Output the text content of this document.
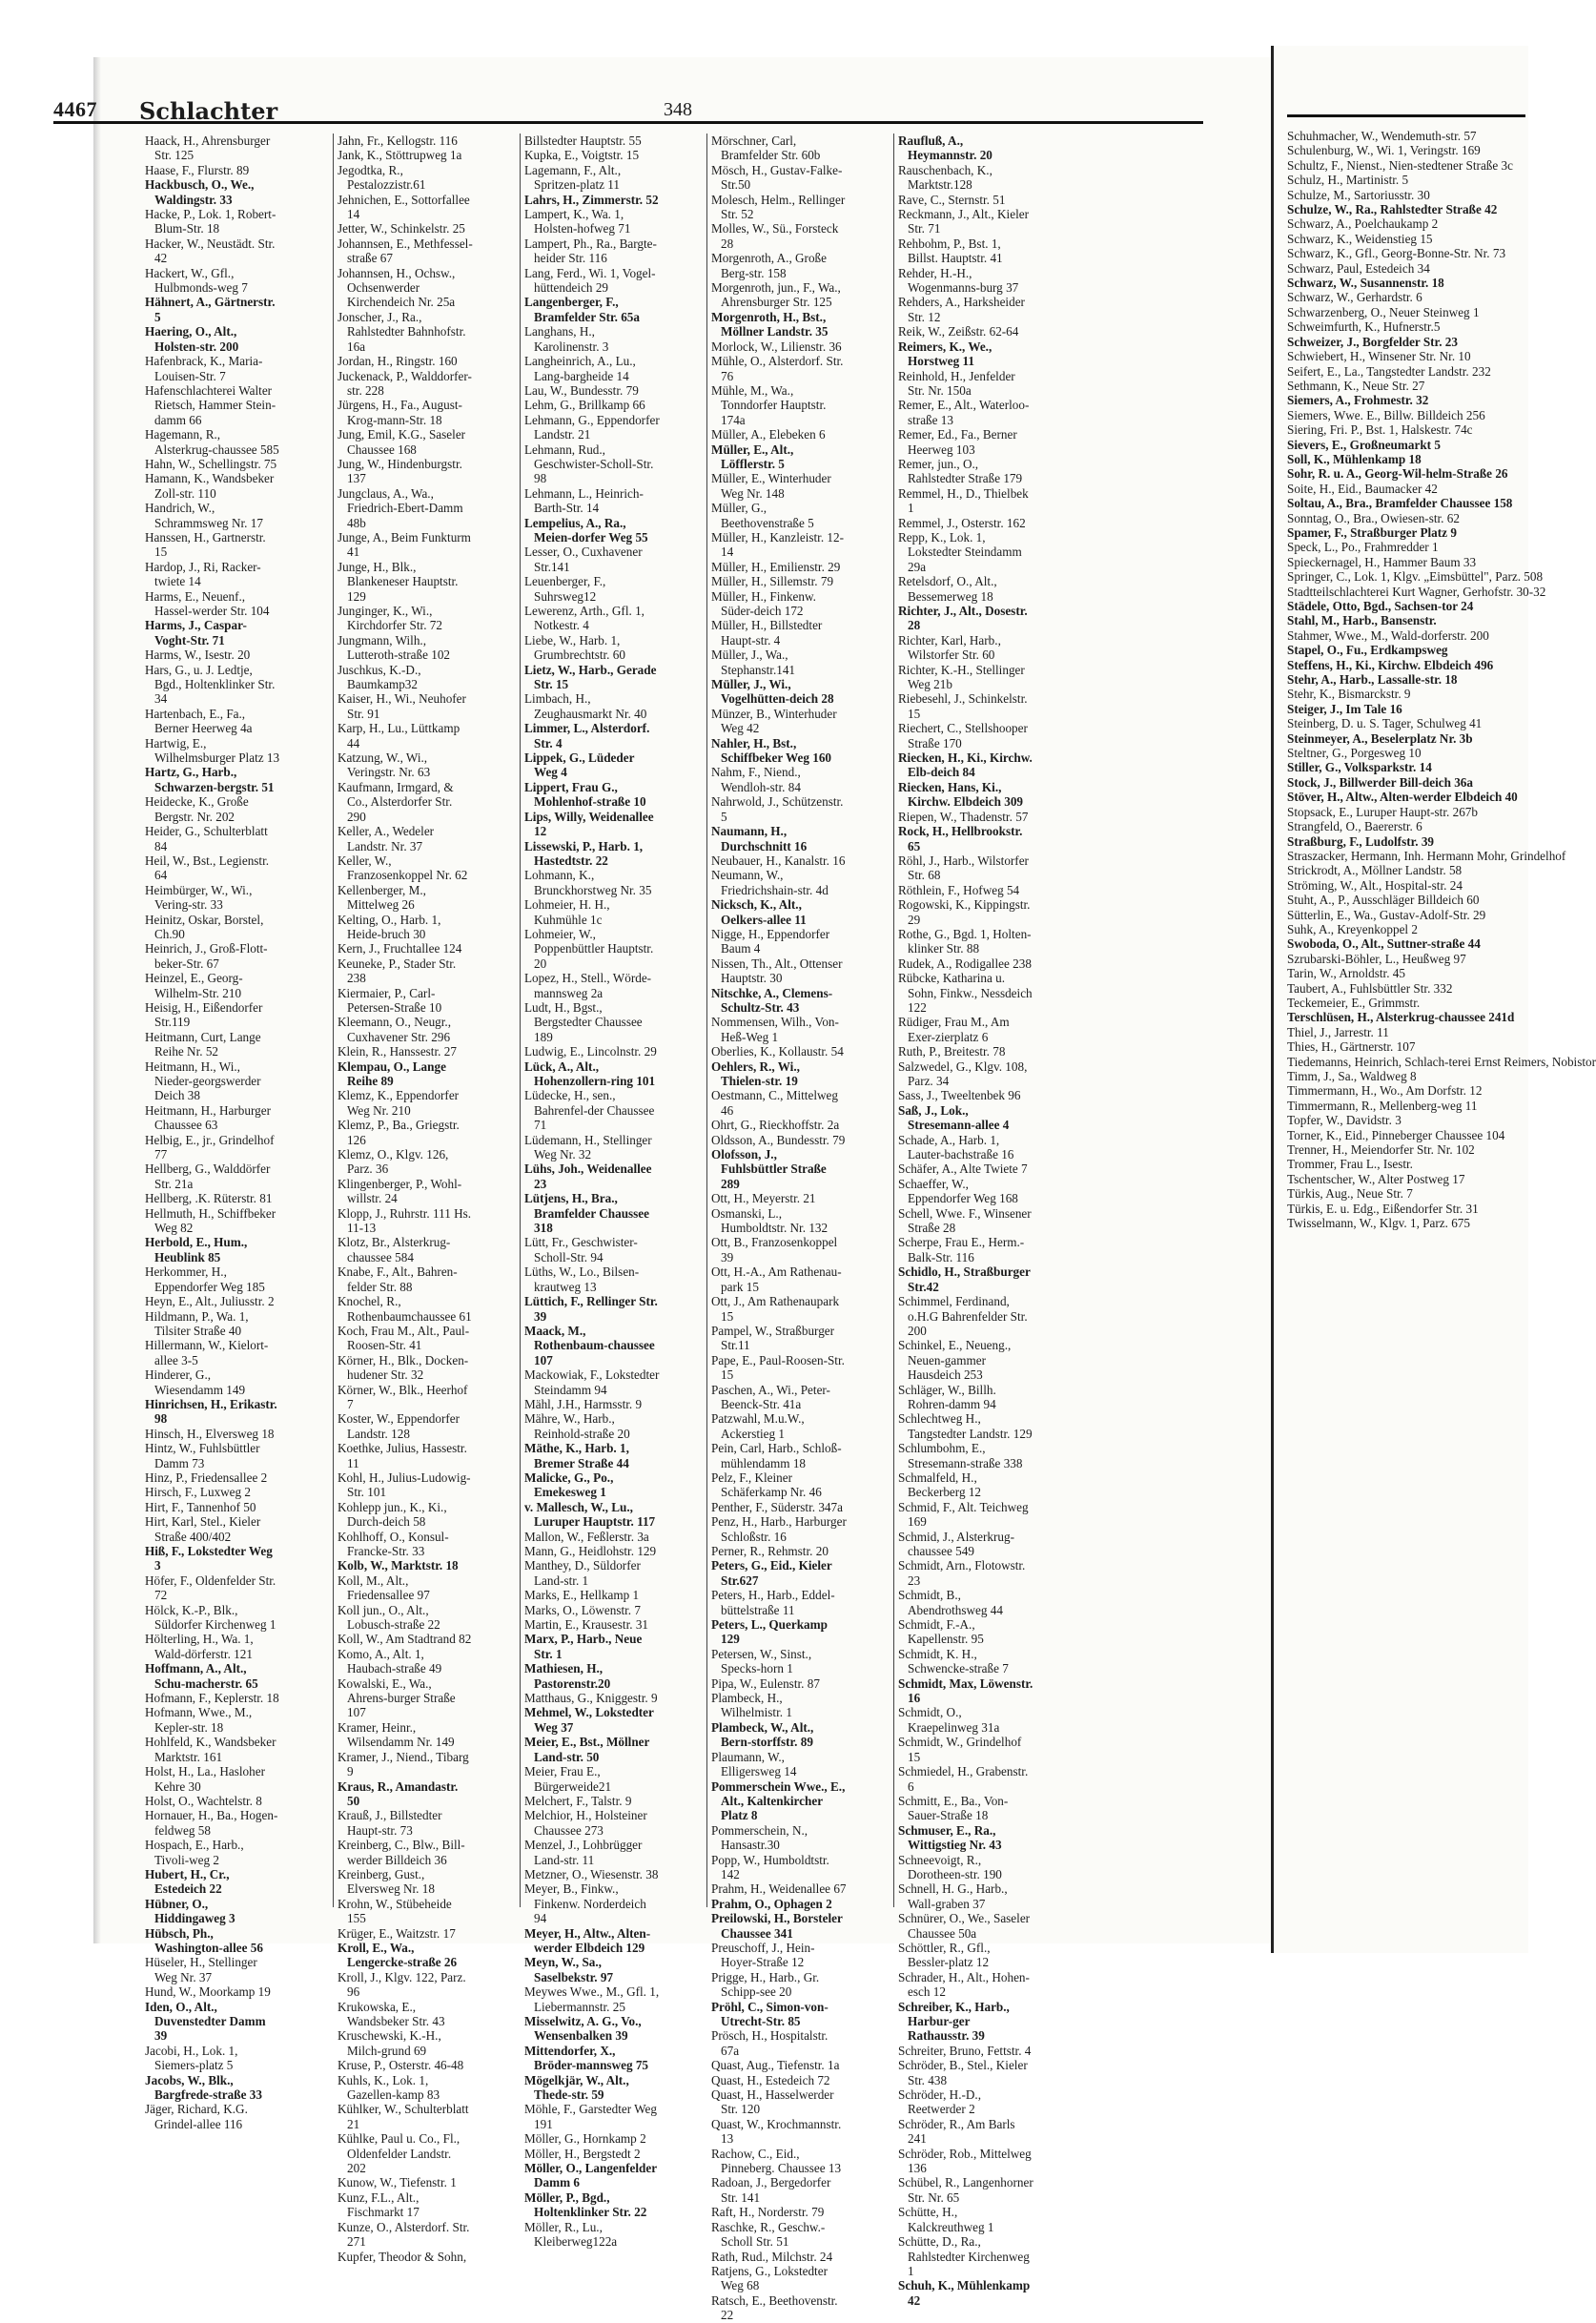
4467 Schlachter	348
Haack, H., Ahrensburger Str. 125
Haase, F., Flurstr. 89
Hackbusch, O., We., Waldingstr. 33
Hacke, P., Lok. 1, Robert-Blum-Str. 18
Hacker, W., Neustädt. Str. 42
Hackert, W., Gfl., Hulbmonds-weg 7
Hähnert, A., Gärtnerstr. 5
Haering, O., Alt., Holsten-str. 200
Hafenbrack, K., Maria-Louisen-Str. 7
Hafenschlachterei Walter Rietsch, Hammer Stein-damm 66
Hagemann, R., Alsterkrug-chaussee 585
Hahn, W., Schellingstr. 75
Hamann, K., Wandsbeker Zoll-str. 110
Handrich, W., Schrammsweg Nr. 17
Hanssen, H., Gartnerstr. 15
Hardop, J., Ri, Racker-twiete 14
Harms, E., Neuenf., Hassel-werder Str. 104
Harms, J., Caspar-Voght-Str. 71
Harms, W., Isestr. 20
Hars, G., u. J. Ledtje, Bgd., Holtenklinker Str. 34
Hartenbach, E., Fa., Berner Heerweg 4a
Hartwig, E., Wilhelmsburger Platz 13
Hartz, G., Harb., Schwarzen-bergstr. 51
Heidecke, K., Große Bergstr. Nr. 202
Heider, G., Schulterblatt 84
Heil, W., Bst., Legienstr. 64
Heimbürger, W., Wi., Vering-str. 33
Heinitz, Oskar, Borstel, Ch.90
Heinrich, J., Groß-Flott-beker-Str. 67
Heinzel, E., Georg-Wilhelm-Str. 210
Heisig, H., Eißendorfer Str.119
Heitmann, Curt, Lange Reihe Nr. 52
Heitmann, H., Wi., Nieder-georgswerder Deich 38
Heitmann, H., Harburger Chaussee 63
Helbig, E., jr., Grindelhof 77
Hellberg, G., Walddörfer Str. 21a
Hellberg, .K. Rüterstr. 81
Hellmuth, H., Schiffbeker Weg 82
Herbold, E., Hum., Heublink 85
Herkommer, H., Eppendorfer Weg 185
Heyn, E., Alt., Juliusstr. 2
Hildmann, P., Wa. 1, Tilsiter Straße 40
Hillermann, W., Kielort-allee 3-5
Hinderer, G., Wiesendamm 149
Hinrichsen, H., Erikastr. 98
Hinsch, H., Elversweg 18
Hintz, W., Fuhlsbüttler Damm 73
Hinz, P., Friedensallee 2
Hirsch, F., Luxweg 2
Hirt, F., Tannenhof 50
Hirt, Karl, Stel., Kieler Straße 400/402
Hiß, F., Lokstedter Weg 3
Höfer, F., Oldenfelder Str. 72
Hölck, K.-P., Blk., Süldorfer Kirchenweg 1
Hölterling, H., Wa. 1, Wald-dörferstr. 121
Hoffmann, A., Alt., Schu-macherstr. 65
Hofmann, F., Keplerstr. 18
Hofmann, Wwe., M., Kepler-str. 18
Hohlfeld, K., Wandsbeker Marktstr. 161
Holst, H., La., Hasloher Kehre 30
Holst, O., Wachtelstr. 8
Hornauer, H., Ba., Hogen-feldweg 58
Hospach, E., Harb., Tivoli-weg 2
Hubert, H., Cr., Estedeich 22
Hübner, O., Hiddingaweg 3
Hübsch, Ph., Washington-allee 56
Hüseler, H., Stellinger Weg Nr. 37
Hund, W., Moorkamp 19
Iden, O., Alt., Duvenstedter Damm 39
Jacobi, H., Lok. 1, Siemers-platz 5
Jacobs, W., Blk., Bargfrede-straße 33
Jäger, Richard, K.G. Grindel-allee 116
Jahn, Fr., Kellogstr. 116
Jank, K., Stöttrupweg 1a
Jegodtka, R., Pestalozzistr.61
Jehnichen, E., Sottorfallee 14
Jetter, W., Schinkelstr. 25
Johannsen, E., Methfessel-straße 67
Johannsen, H., Ochsw., Ochsenwerder Kirchendeich Nr. 25a
Jonscher, J., Ra., Rahlstedter Bahnhofstr. 16a
Jordan, H., Ringstr. 160
Juckenack, P., Walddorfer-str. 228
Jürgens, H., Fa., August-Krog-mann-Str. 18
Jung, Emil, K.G., Saseler Chaussee 168
Jung, W., Hindenburgstr. 137
Jungclaus, A., Wa., Friedrich-Ebert-Damm 48b
Junge, A., Beim Funkturm 41
Junge, H., Blk., Blankeneser Hauptstr. 129
Junginger, K., Wi., Kirchdorfer Str. 72
Jungmann, Wilh., Lutteroth-straße 102
Juschkus, K.-D., Baumkamp32
Kaiser, H., Wi., Neuhofer Str. 91
Karp, H., Lu., Lüttkamp 44
Katzung, W., Wi., Veringstr. Nr. 63
Kaufmann, Irmgard, & Co., Alsterdorfer Str. 290
Keller, A., Wedeler Landstr. Nr. 37
Keller, W., Franzosenkoppel Nr. 62
Kellenberger, M., Mittelweg 26
Kelting, O., Harb. 1, Heide-bruch 30
Kern, J., Fruchtallee 124
Keuneke, P., Stader Str. 238
Kiermaier, P., Carl-Petersen-Straße 10
Kleemann, O., Neugr., Cuxhavener Str. 296
Klein, R., Hanssestr. 27
Klempau, O., Lange Reihe 89
Klemz, K., Eppendorfer Weg Nr. 210
Klemz, P., Ba., Griegstr. 126
Klemz, O., Klgv. 126, Parz. 36
Klingenberger, P., Wohl-willstr. 24
Klopp, J., Ruhrstr. 111 Hs. 11-13
Klotz, Br., Alsterkrug-chaussee 584
Knabe, F., Alt., Bahren-felder Str. 88
Knochel, R., Rothenbaumchaussee 61
Koch, Frau M., Alt., Paul-Roosen-Str. 41
Körner, H., Blk., Docken-hudener Str. 32
Körner, W., Blk., Heerhof 7
Koster, W., Eppendorfer Landstr. 128
Koethke, Julius, Hassestr. 11
Kohl, H., Julius-Ludowig-Str. 101
Kohlepp jun., K., Ki., Durch-deich 58
Kohlhoff, O., Konsul-Francke-Str. 33
Kolb, W., Marktstr. 18
Koll, M., Alt., Friedensallee 97
Koll jun., O., Alt., Lobusch-straße 22
Koll, W., Am Stadtrand 82
Komo, A., Alt. 1, Haubach-straße 49
Kowalski, E., Wa., Ahrens-burger Straße 107
Kramer, Heinr., Wilsendamm Nr. 149
Kramer, J., Niend., Tibarg 9
Kraus, R., Amandastr. 50
Krauß, J., Billstedter Haupt-str. 73
Kreinberg, C., Blw., Bill-werder Billdeich 36
Kreinberg, Gust., Elversweg Nr. 18
Krohn, W., Stübeheide 155
Krüger, E., Waitzstr. 17
Kroll, E., Wa., Lengercke-straße 26
Kroll, J., Klgv. 122, Parz. 96
Krukowska, E., Wandsbeker Str. 43
Kruschewski, K.-H., Milch-grund 69
Kruse, P., Osterstr. 46-48
Kuhls, K., Lok. 1, Gazellen-kamp 83
Kühlker, W., Schulterblatt 21
Kühlke, Paul u. Co., Fl., Oldenfelder Landstr. 202
Kunow, W., Tiefenstr. 1
Kunz, F.L., Alt., Fischmarkt 17
Kunze, O., Alsterdorf. Str. 271
Kupfer, Theodor & Sohn,
Billstedter Hauptstr. 55
Kupka, E., Voigtstr. 15
Lagemann, F., Alt., Spritzen-platz 11
Lahrs, H., Zimmerstr. 52
Lampert, K., Wa. 1, Holsten-hofweg 71
Lampert, Ph., Ra., Bargte-heider Str. 116
Lang, Ferd., Wi. 1, Vogel-hüttendeich 29
Langenberger, F., Bramfelder Str. 65a
Langhans, H., Karolinenstr. 3
Langheinrich, A., Lu., Lang-bargheide 14
Lau, W., Bundesstr. 79
Lehm, G., Brillkamp 66
Lehmann, G., Eppendorfer Landstr. 21
Lehmann, Rud., Geschwister-Scholl-Str. 98
Lehmann, L., Heinrich-Barth-Str. 14
Lempelius, A., Ra., Meien-dorfer Weg 55
Lesser, O., Cuxhavener Str.141
Leuenberger, F., Suhrsweg12
Lewerenz, Arth., Gfl. 1, Notkestr. 4
Liebe, W., Harb. 1, Grumbrechtstr. 60
Lietz, W., Harb., Gerade Str. 15
Limbach, H., Zeughausmarkt Nr. 40
Limmer, L., Alsterdorf. Str. 4
Lippek, G., Lüdeder Weg 4
Lippert, Frau G., Mohlenhof-straße 10
Lips, Willy, Weidenallee 12
Lissewski, P., Harb. 1, Hastedtstr. 22
Lohmann, K., Brunckhorstweg Nr. 35
Lohmeier, H. H., Kuhmühle 1c
Lohmeier, W., Poppenbüttler Hauptstr. 20
Lopez, H., Stell., Wörde-mannsweg 2a
Ludt, H., Bgst., Bergstedter Chaussee 189
Ludwig, E., Lincolnstr. 29
Lück, A., Alt., Hohenzollern-ring 101
Lüdecke, H., sen., Bahrenfel-der Chaussee 71
Lüdemann, H., Stellinger Weg Nr. 32
Lühs, Joh., Weidenallee 23
Lütjens, H., Bra., Bramfelder Chaussee 318
Lütt, Fr., Geschwister-Scholl-Str. 94
Lüths, W., Lo., Bilsen-krautweg 13
Lüttich, F., Rellinger Str. 39
Maack, M., Rothenbaum-chaussee 107
Mackowiak, F., Lokstedter Steindamm 94
Mähl, J.H., Harmsstr. 9
Mähre, W., Harb., Reinhold-straße 20
Mäthe, K., Harb. 1, Bremer Straße 44
Malicke, G., Po., Emekesweg 1
v. Mallesch, W., Lu., Luruper Hauptstr. 117
Mallon, W., Feßlerstr. 3a
Mann, G., Heidlohstr. 129
Manthey, D., Süldorfer Land-str. 1
Marks, E., Hellkamp 1
Marks, O., Löwenstr. 7
Martin, E., Krausestr. 31
Marx, P., Harb., Neue Str. 1
Mathiesen, H., Pastorenstr.20
Matthaus, G., Kniggestr. 9
Mehmel, W., Lokstedter Weg 37
Meier, E., Bst., Möllner Land-str. 50
Meier, Frau E., Bürgerweide21
Melchert, F., Talstr. 9
Melchior, H., Holsteiner Chaussee 273
Menzel, J., Lohbrügger Land-str. 11
Metzner, O., Wiesenstr. 38
Meyer, B., Finkw., Finkenw. Norderdeich 94
Meyer, H., Altw., Alten-werder Elbdeich 129
Meyn, W., Sa., Saselbekstr. 97
Meywes Wwe., M., Gfl. 1, Liebermannstr. 25
Misselwitz, A. G., Vo., Wensenbalken 39
Mittendorfer, X., Bröder-mannsweg 75
Mögelkjär, W., Alt., Thede-str. 59
Möhle, F., Garstedter Weg 191
Möller, G., Hornkamp 2
Möller, H., Bergstedt 2
Möller, O., Langenfelder Damm 6
Möller, P., Bgd., Holtenklinker Str. 22
Möller, R., Lu., Kleiberweg122a
Mörschner, Carl, Bramfelder Str. 60b
Mösch, H., Gustav-Falke-Str.50
Molesch, Helm., Rellinger Str. 52
Molles, W., Sü., Forsteck 28
Morgenroth, A., Große Berg-str. 158
Morgenroth, jun., F., Wa., Ahrensburger Str. 125
Morgenroth, H., Bst., Möllner Landstr. 35
Morlock, W., Lilienstr. 36
Mühle, O., Alsterdorf. Str. 76
Mühle, M., Wa., Tonndorfer Hauptstr. 174a
Müller, A., Elebeken 6
Müller, E., Alt., Löfflerstr. 5
Müller, E., Winterhuder Weg Nr. 148
Müller, G., Beethovenstraße 5
Müller, H., Kanzleistr. 12-14
Müller, H., Emilienstr. 29
Müller, H., Sillemstr. 79
Müller, H., Finkenw. Süder-deich 172
Müller, H., Billstedter Haupt-str. 4
Müller, J., Wa., Stephanstr.141
Müller, J., Wi., Vogelhütten-deich 28
Münzer, B., Winterhuder Weg 42
Nahler, H., Bst., Schiffbeker Weg 160
Nahm, F., Niend., Wendloh-str. 84
Nahrwold, J., Schützenstr. 5
Naumann, H., Durchschnitt 16
Neubauer, H., Kanalstr. 16
Neumann, W., Friedrichshain-str. 4d
Nicksch, K., Alt., Oelkers-allee 11
Nigge, H., Eppendorfer Baum 4
Nissen, Th., Alt., Ottenser Hauptstr. 30
Nitschke, A., Clemens-Schultz-Str. 43
Nommensen, Wilh., Von-Heß-Weg 1
Oberlies, K., Kollaustr. 54
Oehlers, R., Wi., Thielen-str. 19
Oestmann, C., Mittelweg 46
Ohrt, G., Rieckhoffstr. 2a
Oldsson, A., Bundesstr. 79
Olofsson, J., Fuhlsbüttler Straße 289
Ott, H., Meyerstr. 21
Osmanski, L., Humboldtstr. Nr. 132
Ott, B., Franzosenkoppel 39
Ott, H.-A., Am Rathenau-park 15
Ott, J., Am Rathenaupark 15
Pampel, W., Straßburger Str.11
Pape, E., Paul-Roosen-Str. 15
Paschen, A., Wi., Peter-Beenck-Str. 41a
Patzwahl, M.u.W., Ackerstieg 1
Pein, Carl, Harb., Schloß-mühlendamm 18
Pelz, F., Kleiner Schäferkamp Nr. 46
Penther, F., Süderstr. 347a
Penz, H., Harb., Harburger Schloßstr. 16
Perner, R., Rehmstr. 20
Peters, G., Eid., Kieler Str.627
Peters, H., Harb., Eddel-büttelstraße 11
Peters, L., Querkamp 129
Petersen, W., Sinst., Specks-horn 1
Pipa, W., Eulenstr. 87
Plambeck, H., Wilhelmistr. 1
Plambeck, W., Alt., Bern-storffstr. 89
Plaumann, W., Elligersweg 14
Pommerschein Wwe., E., Alt., Kaltenkircher Platz 8
Pommerschein, N., Hansastr.30
Popp, W., Humboldtstr. 142
Prahm, H., Weidenallee 67
Prahm, O., Ophagen 2
Preilowski, H., Borsteler Chaussee 341
Preuschoff, J., Hein-Hoyer-Straße 12
Prigge, H., Harb., Gr. Schipp-see 20
Pröhl, C., Simon-von-Utrecht-Str. 85
Prösch, H., Hospitalstr. 67a
Quast, Aug., Tiefenstr. 1a
Quast, H., Estedeich 72
Quast, H., Hasselwerder Str. 120
Quast, W., Krochmannstr. 13
Rachow, C., Eid., Pinneberg. Chaussee 13
Radoan, J., Bergedorfer Str. 141
Raft, H., Norderstr. 79
Raschke, R., Geschw.-Scholl Str. 51
Rath, Rud., Milchstr. 24
Ratjens, G., Lokstedter Weg 68
Ratsch, E., Beethovenstr. 22
Raufluß, A., Heymannstr. 20
Rauschenbach, K., Marktstr.128
Rave, C., Sternstr. 51
Reckmann, J., Alt., Kieler Str. 71
Rehbohm, P., Bst. 1, Billst. Hauptstr. 41
Rehder, H.-H., Wogenmanns-burg 37
Rehders, A., Harksheider Str. 12
Reik, W., Zeißstr. 62-64
Reimers, K., We., Horstweg 11
Reinhold, H., Jenfelder Str. Nr. 150a
Remer, E., Alt., Waterloo-straße 13
Remer, Ed., Fa., Berner Heerweg 103
Remer, jun., O., Rahlstedter Straße 179
Remmel, H., D., Thielbek 1
Remmel, J., Osterstr. 162
Repp, K., Lok. 1, Lokstedter Steindamm 29a
Retelsdorf, O., Alt., Bessemerweg 18
Richter, J., Alt., Dosestr. 28
Richter, Karl, Harb., Wilstorfer Str. 60
Richter, K.-H., Stellinger Weg 21b
Riebesehl, J., Schinkelstr. 15
Riechert, C., Stellshooper Straße 170
Riecken, H., Ki., Kirchw. Elb-deich 84
Riecken, Hans, Ki., Kirchw. Elbdeich 309
Riepen, W., Thadenstr. 57
Rock, H., Hellbrookstr. 65
Röhl, J., Harb., Wilstorfer Str. 68
Röthlein, F., Hofweg 54
Rogowski, K., Kippingstr. 29
Rothe, G., Bgd. 1, Holten-klinker Str. 88
Rudek, A., Rodigallee 238
Rübcke, Katharina u. Sohn, Finkw., Nessdeich 122
Rüdiger, Frau M., Am Exer-zierplatz 6
Ruth, P., Breitestr. 78
Salzwedel, G., Klgv. 108, Parz. 34
Sass, J., Tweeltenbek 96
Saß, J., Lok., Stresemann-allee 4
Schade, A., Harb. 1, Lauter-bachstraße 16
Schäfer, A., Alte Twiete 7
Schaeffer, W., Eppendorfer Weg 168
Schell, Wwe. F., Winsener Straße 28
Scherpe, Frau E., Herm.-Balk-Str. 116
Schidlo, H., Straßburger Str.42
Schimmel, Ferdinand, o.H.G Bahrenfelder Str. 200
Schinkel, E., Neueng., Neuen-gammer Hausdeich 253
Schläger, W., Billh. Rohren-damm 94
Schlechtweg H., Tangstedter Landstr. 129
Schlumbohm, E., Stresemann-straße 338
Schmalfeld, H., Beckerberg 12
Schmid, F., Alt. Teichweg 169
Schmid, J., Alsterkrug-chaussee 549
Schmidt, Arn., Flotowstr. 23
Schmidt, B., Abendrothsweg 44
Schmidt, F.-A., Kapellenstr. 95
Schmidt, K. H., Schwencke-straße 7
Schmidt, Max, Löwenstr. 16
Schmidt, O., Kraepelinweg 31a
Schmidt, W., Grindelhof 15
Schmiedel, H., Grabenstr. 6
Schmitt, E., Ba., Von-Sauer-Straße 18
Schmuser, E., Ra., Wittigstieg Nr. 43
Schneevoigt, R., Dorotheen-str. 190
Schnell, H. G., Harb., Wall-graben 37
Schnürer, O., We., Saseler Chaussee 50a
Schöttler, R., Gfl., Bessler-platz 12
Schrader, H., Alt., Hohen-esch 12
Schreiber, K., Harb., Harbur-ger Rathausstr. 39
Schreiter, Bruno, Fettstr. 4
Schröder, B., Stel., Kieler Str. 438
Schröder, H.-D., Reetwerder 2
Schröder, R., Am Barls 241
Schröder, Rob., Mittelweg 136
Schübel, R., Langenhorner Str. Nr. 65
Schütte, H., Kalckreuthweg 1
Schütte, D., Ra., Rahlstedter Kirchenweg 1
Schuh, K., Mühlenkamp 42
Schuhmacher, W., Wendemuth-str. 57
Schulenburg, W., Wi. 1, Veringstr. 169
Schultz, F., Nienst., Nien-stedtener Straße 3c
Schulz, H., Martinistr. 5
Schulze, M., Sartoriusstr. 30
Schulze, W., Ra., Rahlstedter Straße 42
Schwarz, A., Poelchaukamp 2
Schwarz, K., Weidenstieg 15
Schwarz, K., Gfl., Georg-Bonne-Str. Nr. 73
Schwarz, Paul, Estedeich 34
Schwarz, W., Susannenstr. 18
Schwarz, W., Gerhardstr. 6
Schwarzenberg, O., Neuer Steinweg 1
Schweimfurth, K., Hufnerstr.5
Schweizer, J., Borgfelder Str. 23
Schwiebert, H., Winsener Str. Nr. 10
Seifert, E., La., Tangstedter Landstr. 232
Sethmann, K., Neue Str. 27
Siemers, A., Frohmestr. 32
Siemers, Wwe. E., Billw. Billdeich 256
Siering, Fri. P., Bst. 1, Halskestr. 74c
Sievers, E., Großneumarkt 5
Soll, K., Mühlenkamp 18
Sohr, R. u. A., Georg-Wil-helm-Straße 26
Soite, H., Eid., Baumacker 42
Soltau, A., Bra., Bramfelder Chaussee 158
Sonntag, O., Bra., Owiesen-str. 62
Spamer, F., Straßburger Platz 9
Speck, L., Po., Frahmredder 1
Spieckernagel, H., Hammer Baum 33
Springer, C., Lok. 1, Klgv. „Eimsbüttel", Parz. 508
Stadtteilschlachterei Kurt Wagner, Gerhofstr. 30-32
Städele, Otto, Bgd., Sachsen-tor 24
Stahl, M., Harb., Bansenstr.
Stahmer, Wwe., M., Wald-dorferstr. 200
Stapel, O., Fu., Erdkampsweg
Steffens, H., Ki., Kirchw. Elbdeich 496
Stehr, A., Harb., Lassalle-str. 18
Stehr, K., Bismarckstr. 9
Steiger, J., Im Tale 16
Steinberg, D. u. S. Tager, Schulweg 41
Steinmeyer, A., Beselerplatz Nr. 3b
Steltner, G., Porgesweg 10
Stiller, G., Volksparkstr. 14
Stock, J., Billwerder Bill-deich 36a
Stöver, H., Altw., Alten-werder Elbdeich 40
Stopsack, E., Luruper Haupt-str. 267b
Strangfeld, O., Baererstr. 6
Straßburg, F., Ludolfstr. 39
Straszacker, Hermann, Inh. Hermann Mohr, Grindelhof
Strickrodt, A., Möllner Landstr. 58
Ströming, W., Alt., Hospital-str. 24
Stuht, A., P., Ausschläger Billdeich 60
Sütterlin, E., Wa., Gustav-Adolf-Str. 29
Suhk, A., Kreyenkoppel 2
Swoboda, O., Alt., Suttner-straße 44
Szrubarski-Böhler, L., Heußweg 97
Tarin, W., Arnoldstr. 45
Taubert, A., Fuhlsbüttler Str. 332
Teckemeier, E., Grimmstr.
Terschlüsen, H., Alsterkrug-chaussee 241d
Thiel, J., Jarrestr. 11
Thies, H., Gärtnerstr. 107
Tiedemanns, Heinrich, Schlach-terei Ernst Reimers, Nobistor
Timm, J., Sa., Waldweg 8
Timmermann, H., Wo., Am Dorfstr. 12
Timmermann, R., Mellenberg-weg 11
Topfer, W., Davidstr. 3
Torner, K., Eid., Pinneberger Chaussee 104
Trenner, H., Meiendorfer Str. Nr. 102
Trommer, Frau L., Isestr.
Tschentscher, W., Alter Postweg 17
Türkis, Aug., Neue Str. 7
Türkis, E. u. Edg., Eißendorfer Str. 31
Twisselmann, W., Klgv. 1, Parz. 675
